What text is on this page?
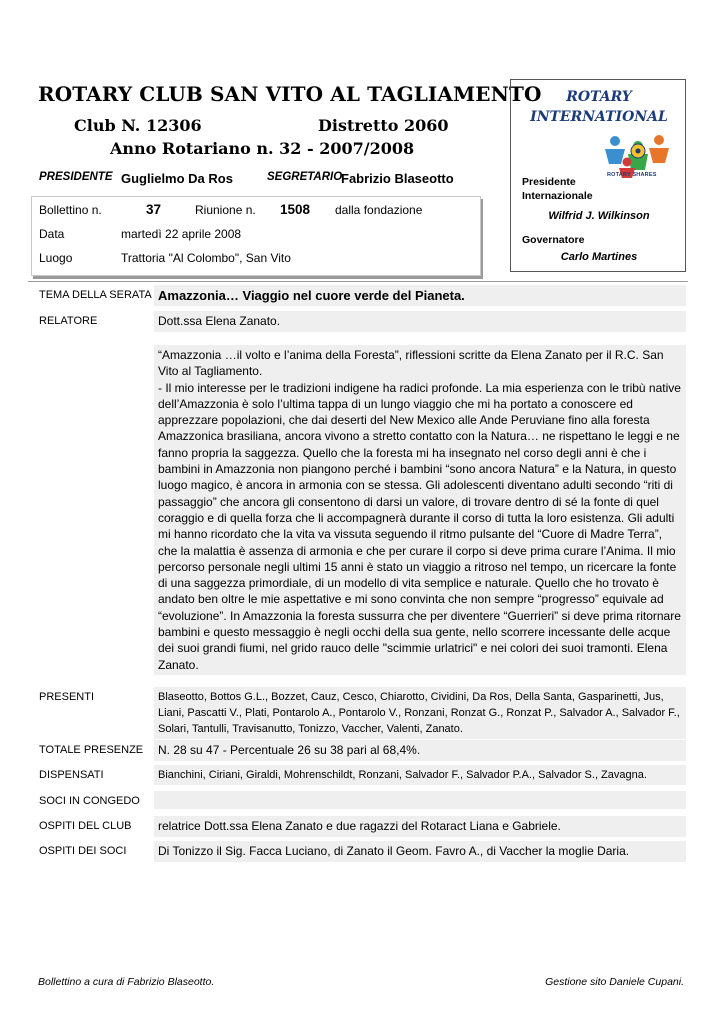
ROTARY CLUB SAN VITO AL TAGLIAMENTO
Club N. 12306	Distretto 2060
Anno Rotariano n. 32 - 2007/2008
PRESIDENTE Guglielmo Da Ros	SEGRETARIO
Fabrizio Blaseotto
Bollettino n.	37	Riunione n. 1508 dalla fondazione
Data	martedì 22 aprile 2008
Luogo	Trattoria "Al Colombo", San Vito
ROTARY
INTERNATIONAL
ROTARY SHARES
Presidente
Internazionale
Wilfrid J. Wilkinson
Governatore
Carlo Martines
TEMA DELLA SERATA Amazzonia… Viaggio nel cuore verde del Pianeta.
RELATORE	Dott.ssa Elena Zanato.
“Amazzonia …il volto e l’anima della Foresta”, riflessioni scritte da Elena Zanato per il R.C. San Vito al Tagliamento.
- Il mio interesse per le tradizioni indigene ha radici profonde. La mia esperienza con le tribù native dell’Amazzonia è solo l’ultima tappa di un lungo viaggio che mi ha portato a conoscere ed apprezzare popolazioni, che dai deserti del New Mexico alle Ande Peruviane fino alla foresta Amazzonica brasiliana, ancora vivono a stretto contatto con la Natura… ne rispettano le leggi e ne fanno propria la saggezza. Quello che la foresta mi ha insegnato nel corso degli anni è che i bambini in Amazzonia non piangono perché i bambini “sono ancora Natura” e la Natura, in questo luogo magico, è ancora in armonia con se stessa. Gli adolescenti diventano adulti secondo “riti di passaggio” che ancora gli consentono di darsi un valore, di trovare dentro di sé la fonte di quel coraggio e di quella forza che li accompagnerà durante il corso di tutta la loro esistenza. Gli adulti mi hanno ricordato che la vita va vissuta seguendo il ritmo pulsante del “Cuore di Madre Terra”, che la malattia è assenza di armonia e che per curare il corpo si deve prima curare l’Anima. Il mio percorso personale negli ultimi 15 anni è stato un viaggio a ritroso nel tempo, un ricercare la fonte di una saggezza primordiale, di un modello di vita semplice e naturale. Quello che ho trovato è andato ben oltre le mie aspettative e mi sono convinta che non sempre “progresso” equivale ad “evoluzione”. In Amazzonia la foresta sussurra che per diventere “Guerrieri” si deve prima ritornare bambini e questo messaggio è negli occhi della sua gente, nello scorrere incessante delle acque dei suoi grandi fiumi, nel grido rauco delle "scimmie urlatrici" e nei colori dei suoi tramonti. Elena Zanato.
PRESENTI	Blaseotto, Bottos G.L., Bozzet, Cauz, Cesco, Chiarotto, Cividini, Da Ros, Della Santa, Gasparinetti, Jus, Liani, Pascatti V., Plati, Pontarolo A., Pontarolo V., Ronzani, Ronzat G., Ronzat P., Salvador A., Salvador F., Solari, Tantulli, Travisanutto, Tonizzo, Vaccher, Valenti, Zanato.
TOTALE PRESENZE	N. 28 su 47 - Percentuale 26 su 38 pari al 68,4%.
DISPENSATI	Bianchini, Ciriani, Giraldi, Mohrenschildt, Ronzani, Salvador F., Salvador P.A., Salvador S., Zavagna.
SOCI IN CONGEDO
OSPITI DEL CLUB	relatrice Dott.ssa Elena Zanato e due ragazzi del Rotaract Liana e Gabriele.
OSPITI DEI SOCI	Di Tonizzo il Sig. Facca Luciano, di Zanato il Geom. Favro A., di Vaccher la moglie Daria.
Bollettino a cura di Fabrizio Blaseotto.	Gestione sito Daniele Cupani.
